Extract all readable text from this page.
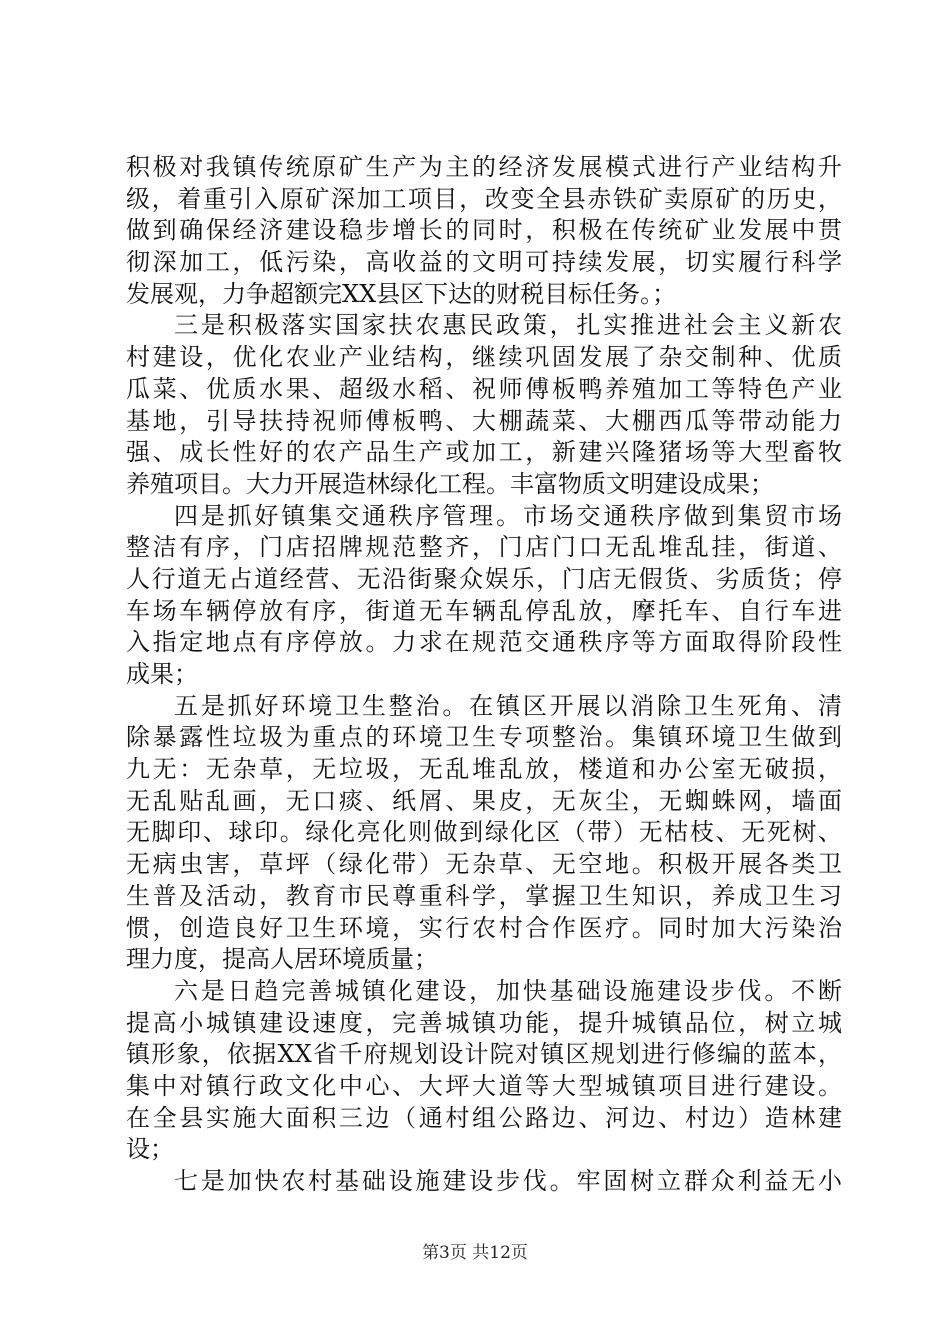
积极对我镇传统原矿生产为主的经济发展模式进行产业结构升
级，着重引入原矿深加工项目，改变全县赤铁矿卖原矿的历史，
做到确保经济建设稳步增长的同时，积极在传统矿业发展中贯
彻深加工，低污染，高收益的文明可持续发展，切实履行科学
发展观，力争超额完XX县区下达的财税目标任务。；
三是积极落实国家扶农惠民政策，扎实推进社会主义新农
村建设，优化农业产业结构，继续巩固发展了杂交制种、优质
瓜菜、优质水果、超级水稻、祝师傅板鸭养殖加工等特色产业
基地，引导扶持祝师傅板鸭、大棚蔬菜、大棚西瓜等带动能力
强、成长性好的农产品生产或加工，新建兴隆猪场等大型畜牧
养殖项目。大力开展造林绿化工程。丰富物质文明建设成果；
四是抓好镇集交通秩序管理。市场交通秩序做到集贸市场
整洁有序，门店招牌规范整齐，门店门口无乱堆乱挂，街道、
人行道无占道经营、无沿街聚众娱乐，门店无假货、劣质货；停
车场车辆停放有序，街道无车辆乱停乱放，摩托车、自行车进
入指定地点有序停放。力求在规范交通秩序等方面取得阶段性
成果；
五是抓好环境卫生整治。在镇区开展以消除卫生死角、清
除暴露性垃圾为重点的环境卫生专项整治。集镇环境卫生做到
九无：无杂草，无垃圾，无乱堆乱放，楼道和办公室无破损，
无乱贴乱画，无口痰、纸屑、果皮，无灰尘，无蜘蛛网，墙面
无脚印、球印。绿化亮化则做到绿化区（带）无枯枝、无死树、
无病虫害，草坪（绿化带）无杂草、无空地。积极开展各类卫
生普及活动，教育市民尊重科学，掌握卫生知识，养成卫生习
惯，创造良好卫生环境，实行农村合作医疗。同时加大污染治
理力度，提高人居环境质量；
六是日趋完善城镇化建设，加快基础设施建设步伐。不断
提高小城镇建设速度，完善城镇功能，提升城镇品位，树立城
镇形象，依据XX省千府规划设计院对镇区规划进行修编的蓝本，
集中对镇行政文化中心、大坪大道等大型城镇项目进行建设。
在全县实施大面积三边（通村组公路边、河边、村边）造林建
设；
七是加快农村基础设施建设步伐。牢固树立群众利益无小
第3页 共12页
